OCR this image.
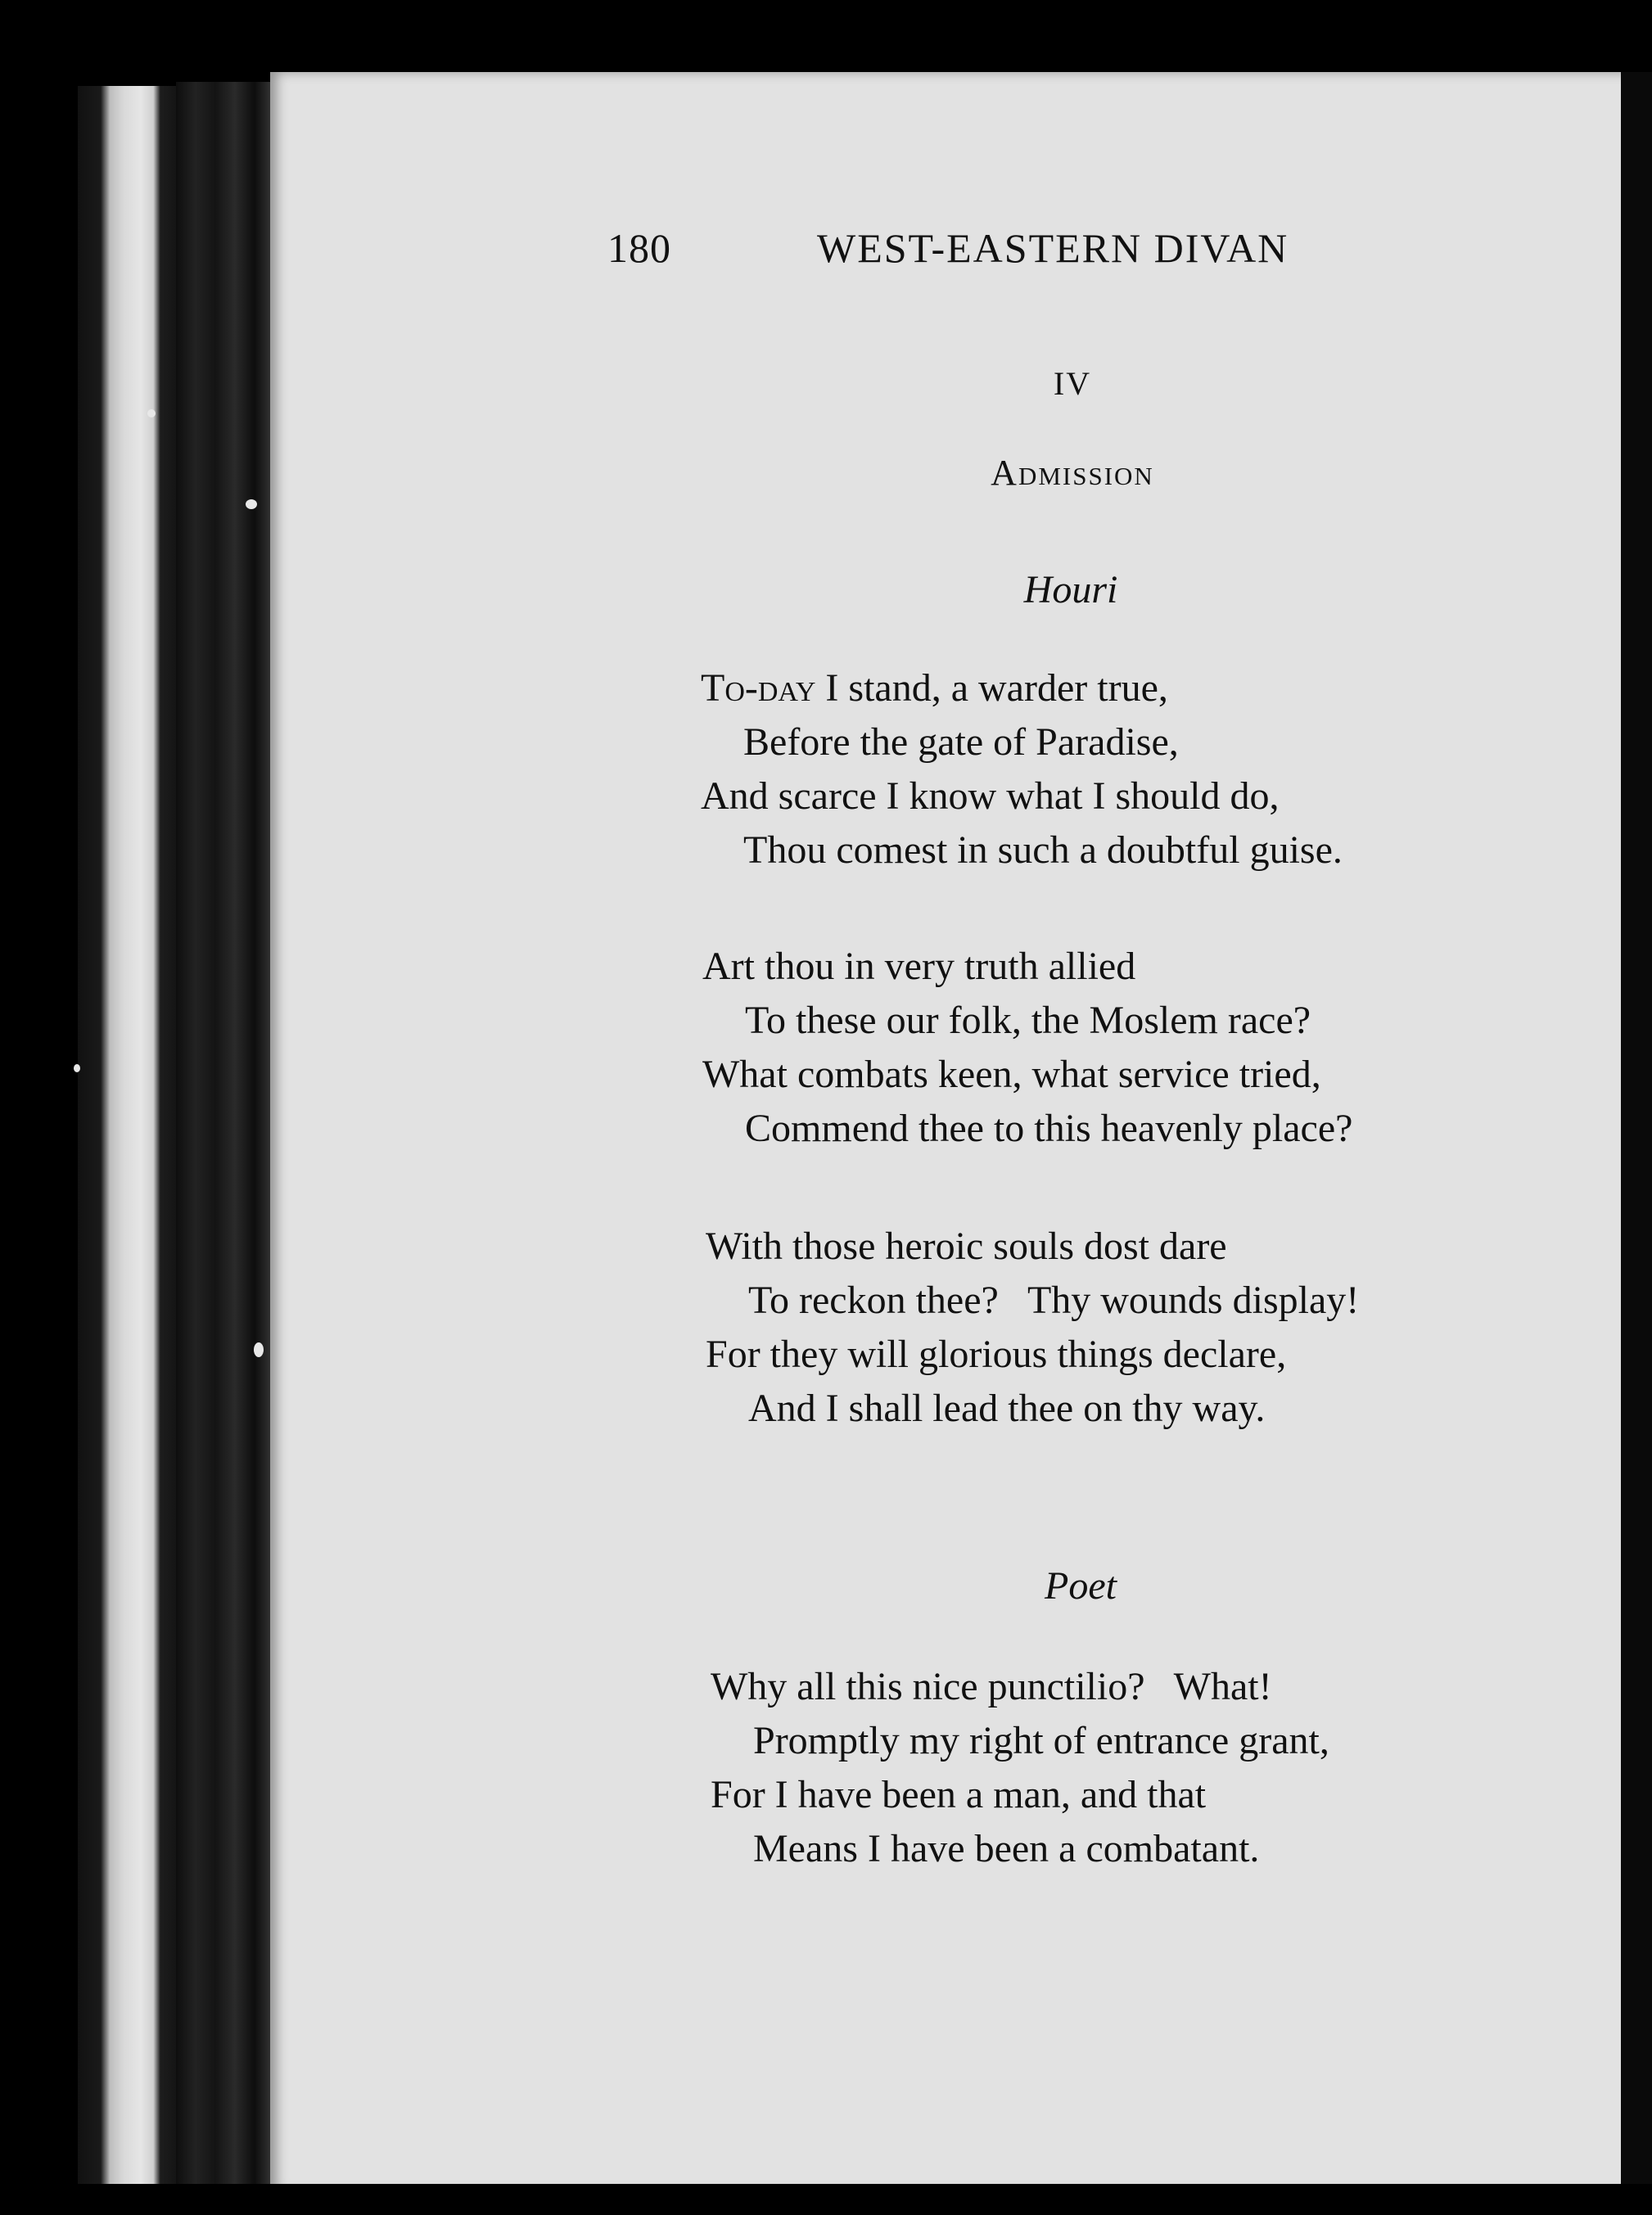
180	WEST-EASTERN DIVAN
IV
Admission
Houri
To-day I stand, a warder true,
Before the gate of Paradise,
And scarce I know what I should do,
Thou comest in such a doubtful guise.
Art thou in very truth allied
To these our folk, the Moslem race?
What combats keen, what service tried,
Commend thee to this heavenly place?
With those heroic souls dost dare
To reckon thee?   Thy wounds display!
For they will glorious things declare,
And I shall lead thee on thy way.
Poet
Why all this nice punctilio?   What!
Promptly my right of entrance grant,
For I have been a man, and that
Means I have been a combatant.
